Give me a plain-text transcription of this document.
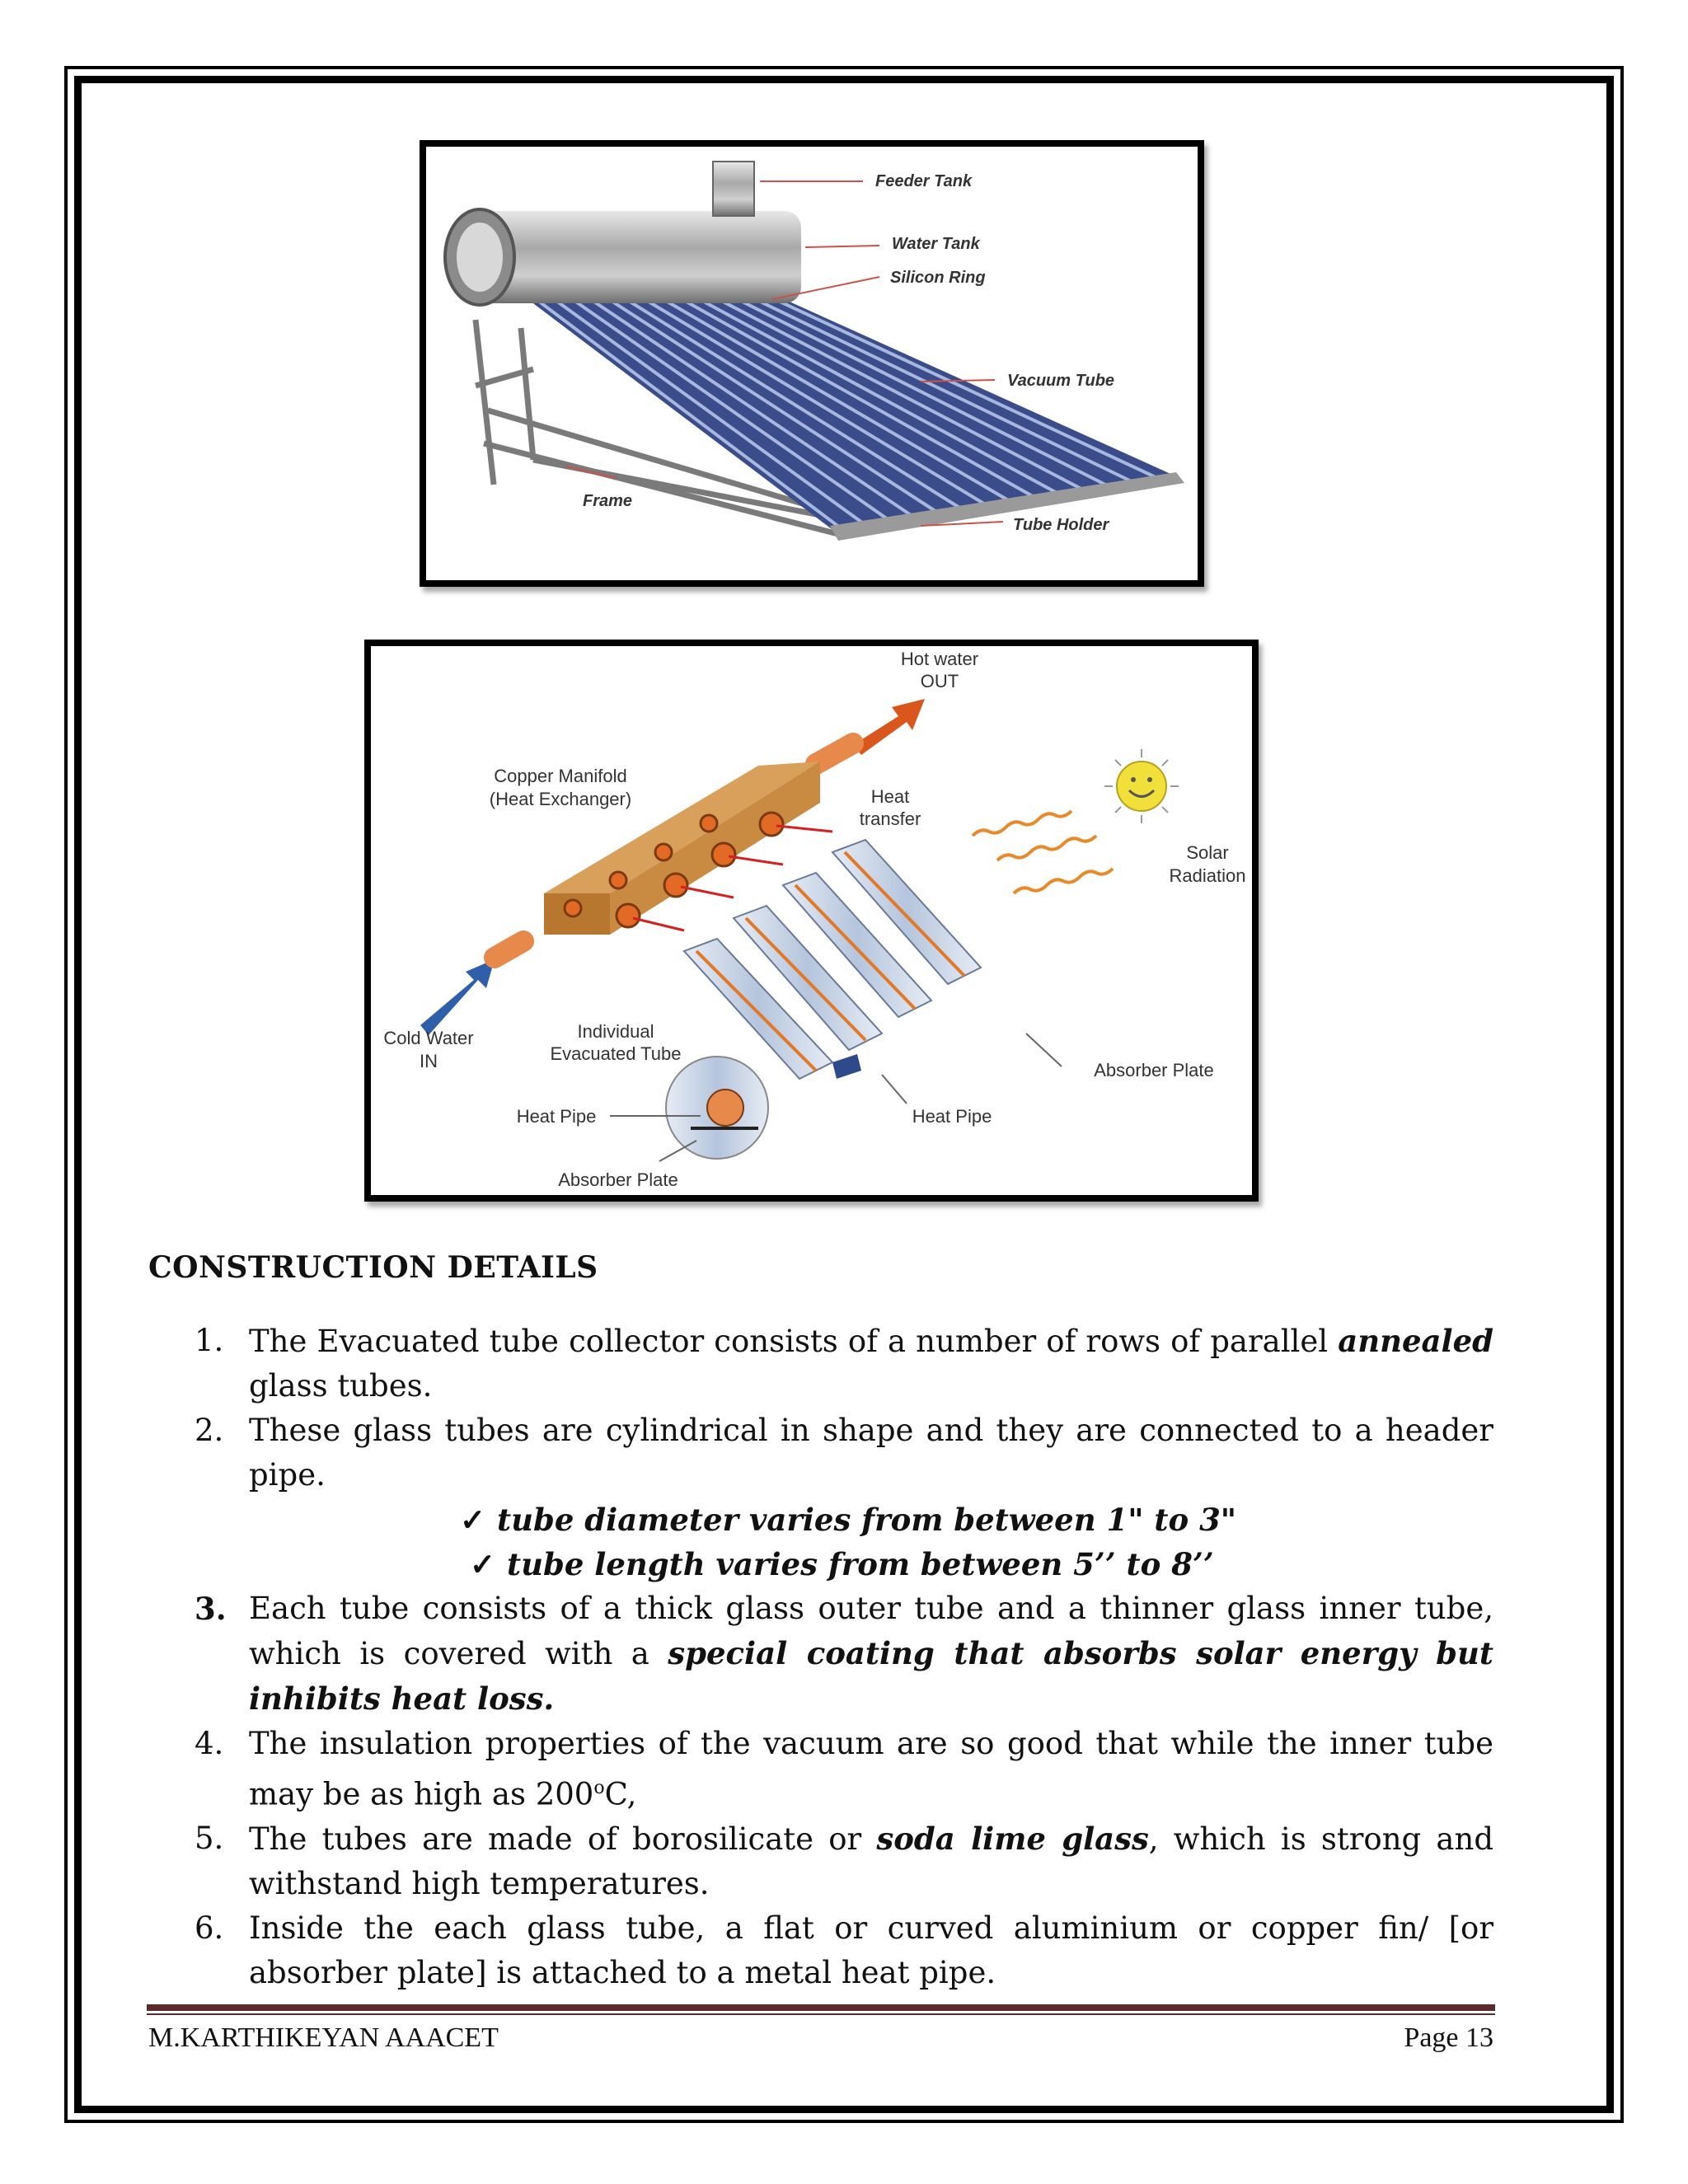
Feeder Tank
Water Tank
Silicon Ring
Vacuum Tube
Frame
Tube Holder
Hot water
OUT
Copper Manifold
(Heat Exchanger)	Heat
transfer
Solar
Radiation
Cold Water
IN
Individual
Evacuated Tube
Absorber Plate
Heat Pipe	Heat Pipe
Absorber Plate
CONSTRUCTION DETAILS
1. The Evacuated tube collector consists of a number of rows of parallel annealed glass tubes.
2. These glass tubes are cylindrical in shape and they are connected to a header pipe.
✓ tube diameter varies from between 1" to 3"
✓ tube length varies from between 5’’ to 8’’
3. Each tube consists of a thick glass outer tube and a thinner glass inner tube, which is covered with a special coating that absorbs solar energy but inhibits heat loss.
4. The insulation properties of the vacuum are so good that while the inner tube may be as high as 200$^o$C,
5. The tubes are made of borosilicate or soda lime glass, which is strong and withstand high temperatures.
6. Inside the each glass tube, a flat or curved aluminium or copper fin/ [or absorber plate] is attached to a metal heat pipe.
M.KARTHIKEYAN AAACET	Page 13
